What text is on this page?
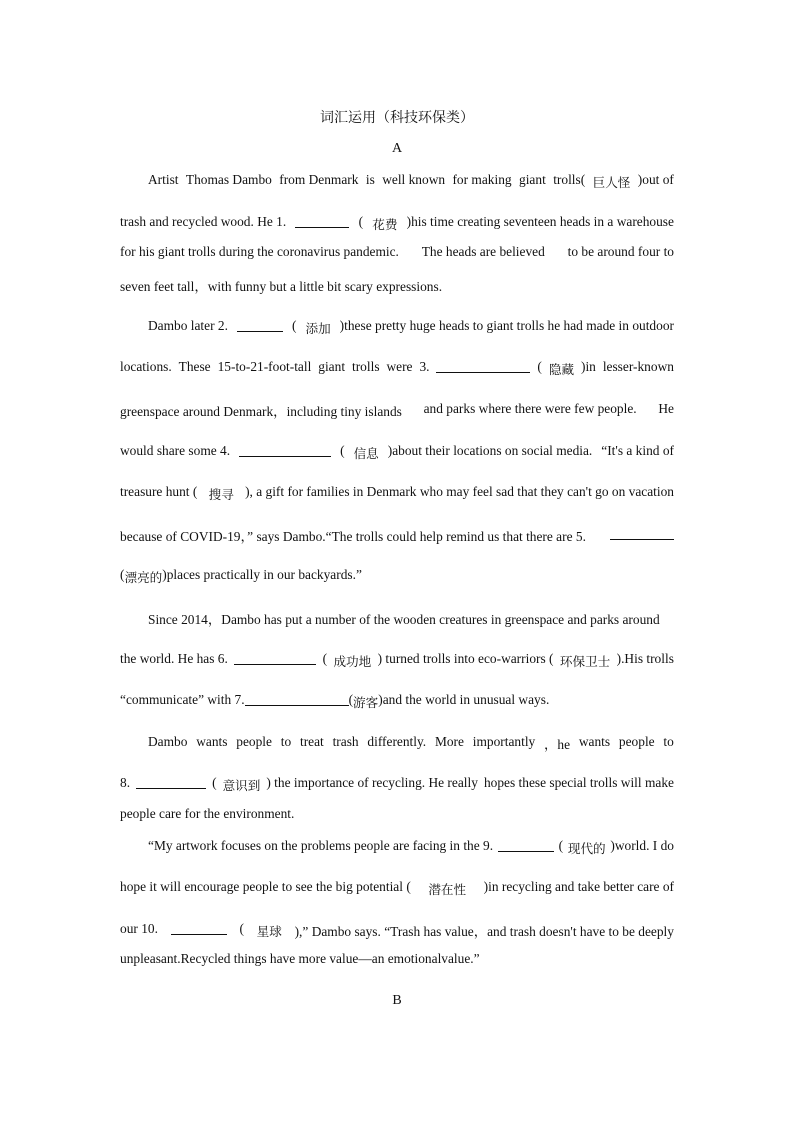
词汇运用（科技环保类）
A
Artist Thomas Dambo from Denmark is well known for making giant trolls( 巨人怪 )out of
trash and recycled wood. He 1.	( 花费 )his time creating seventeen heads in a warehouse
for his giant trolls during the coronavirus pandemic. The heads are believed to be around four to
seven feet tall，with funny but a little bit scary expressions.
Dambo later 2.	( 添加 )these pretty huge heads to giant trolls he had made in outdoor
locations. These 15-to-21-foot-tall giant trolls were 3.	( 隐藏 )in lesser-known
greenspace around Denmark，including tiny islands and parks where there were few people. He
would share some 4.	( 信息 )about their locations on social media. “It's a kind of
treasure hunt ( 搜寻 ), a gift for families in Denmark who may feel sad that they can't go on vacation
because of COVID-19，” says Dambo.“The trolls could help remind us that there are 5.
( 漂亮的 )places practically in our backyards.”
Since 2014，Dambo has put a number of the wooden creatures in greenspace and parks around
the world. He has 6.	( 成功地 ) turned trolls into eco-warriors ( 环保卫士 ).His trolls
“communicate” with 7.	( 游客 )and the world in unusual ways.
Dambo wants people to treat trash differently. More importantly ，he wants people to
8.	( 意识到 ) the importance of recycling. He really hopes these special trolls will make
people care for the environment.
“My artwork focuses on the problems people are facing in the 9.	( 现代的 )world. I do
hope it will encourage people to see the big potential ( 潜在性 )in recycling and take better care of
our 10.	( 星球 ),” Dambo says. “Trash has value，and trash doesn't have to be deeply
unpleasant. Recycled things have more value—an emotional value.”
B
